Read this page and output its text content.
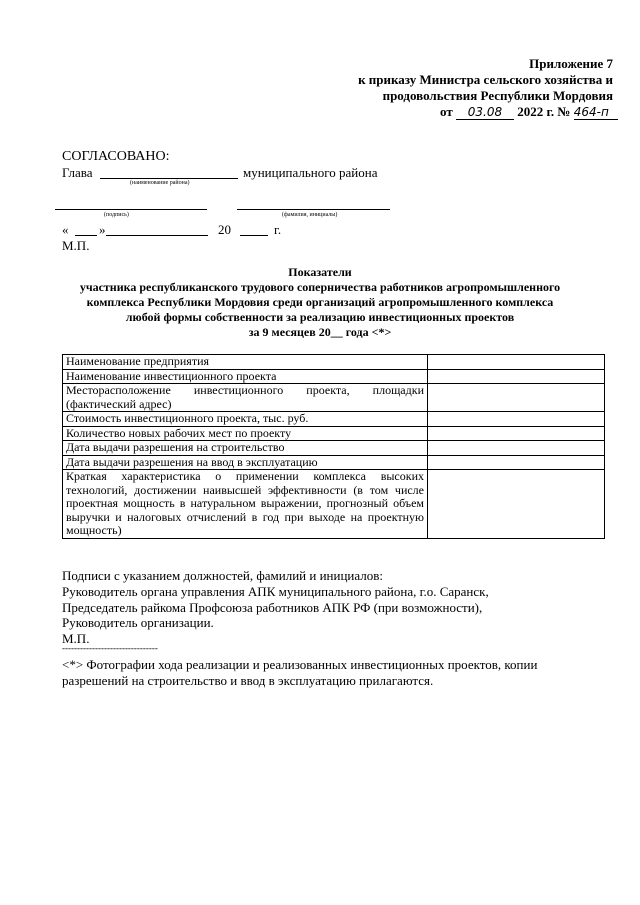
Приложение 7
к приказу Министра сельского хозяйства и
продовольствия Республики Мордовия
от 03.08 2022 г. № 464-п
СОГЛАСОВАНО:
Глава	муниципального района
(наименование района)
(подпись)	(фамилия, инициалы)
« »	20	г.
М.П.
Показатели
участника республиканского трудового соперничества работников агропромышленного
комплекса Республики Мордовия среди организаций агропромышленного комплекса
любой формы собственности за реализацию инвестиционных проектов
за 9 месяцев 20__ года <*>
Наименование предприятия	
Наименование инвестиционного проекта	
Месторасположение инвестиционного проекта, площадки (фактический адрес)	
Стоимость инвестиционного проекта, тыс. руб.	
Количество новых рабочих мест по проекту	
Дата выдачи разрешения на строительство	
Дата выдачи разрешения на ввод в эксплуатацию	
Краткая характеристика о применении комплекса высоких технологий, достижении наивысшей эффективности (в том числе проектная мощность в натуральном выражении, прогнозный объем выручки и налоговых отчислений в год при выходе на проектную мощность)	
Подписи с указанием должностей, фамилий и инициалов:
Руководитель органа управления АПК муниципального района, г.о. Саранск,
Председатель райкома Профсоюза работников АПК РФ (при возможности),
Руководитель организации.
М.П.
--------------------------------
<*> Фотографии хода реализации и реализованных инвестиционных проектов, копии
разрешений на строительство и ввод в эксплуатацию прилагаются.
